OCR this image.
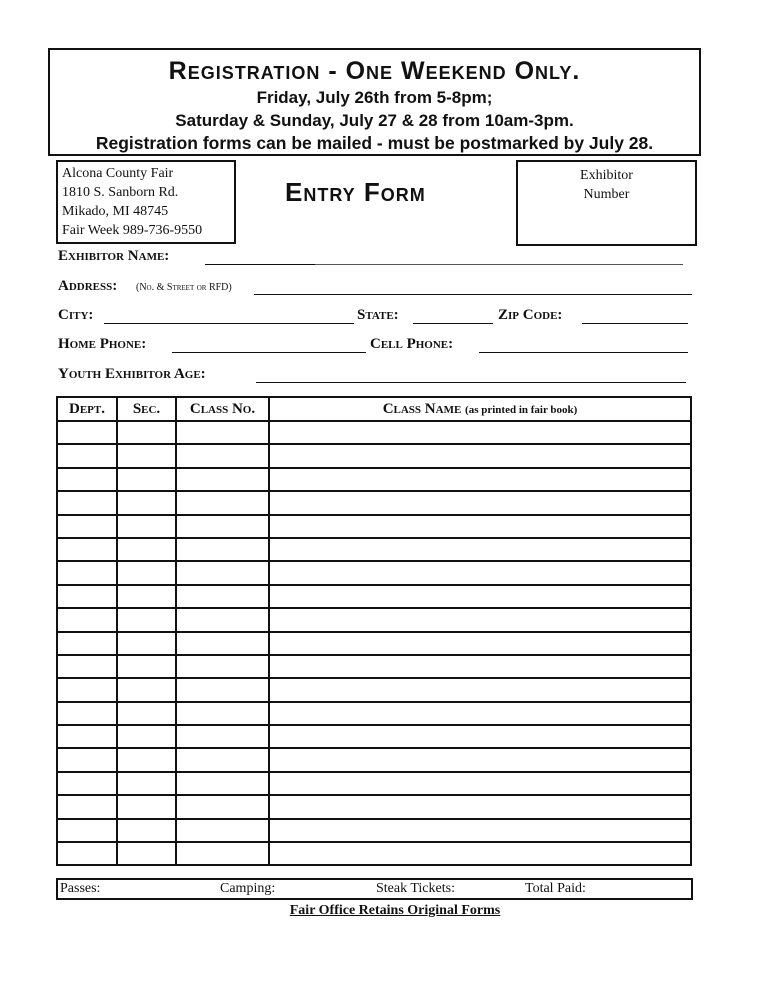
Registration - One Weekend Only.
Friday, July 26th from 5-8pm;
Saturday & Sunday, July 27 & 28 from 10am-3pm.
Registration forms can be mailed - must be postmarked by July 28.
Alcona County Fair
1810 S. Sanborn Rd.
Mikado, MI 48745
Fair Week 989-736-9550
Entry Form
Exhibitor
Number
Exhibitor Name:
Address: (No. & Street or RFD)
City:	State:	Zip Code:
Home Phone:	Cell Phone:
Youth Exhibitor Age:
Dept.	Sec.	Class No.	Class Name (as printed in fair book)

Passes:	Camping:	Steak Tickets:	Total Paid:
Fair Office Retains Original Forms
